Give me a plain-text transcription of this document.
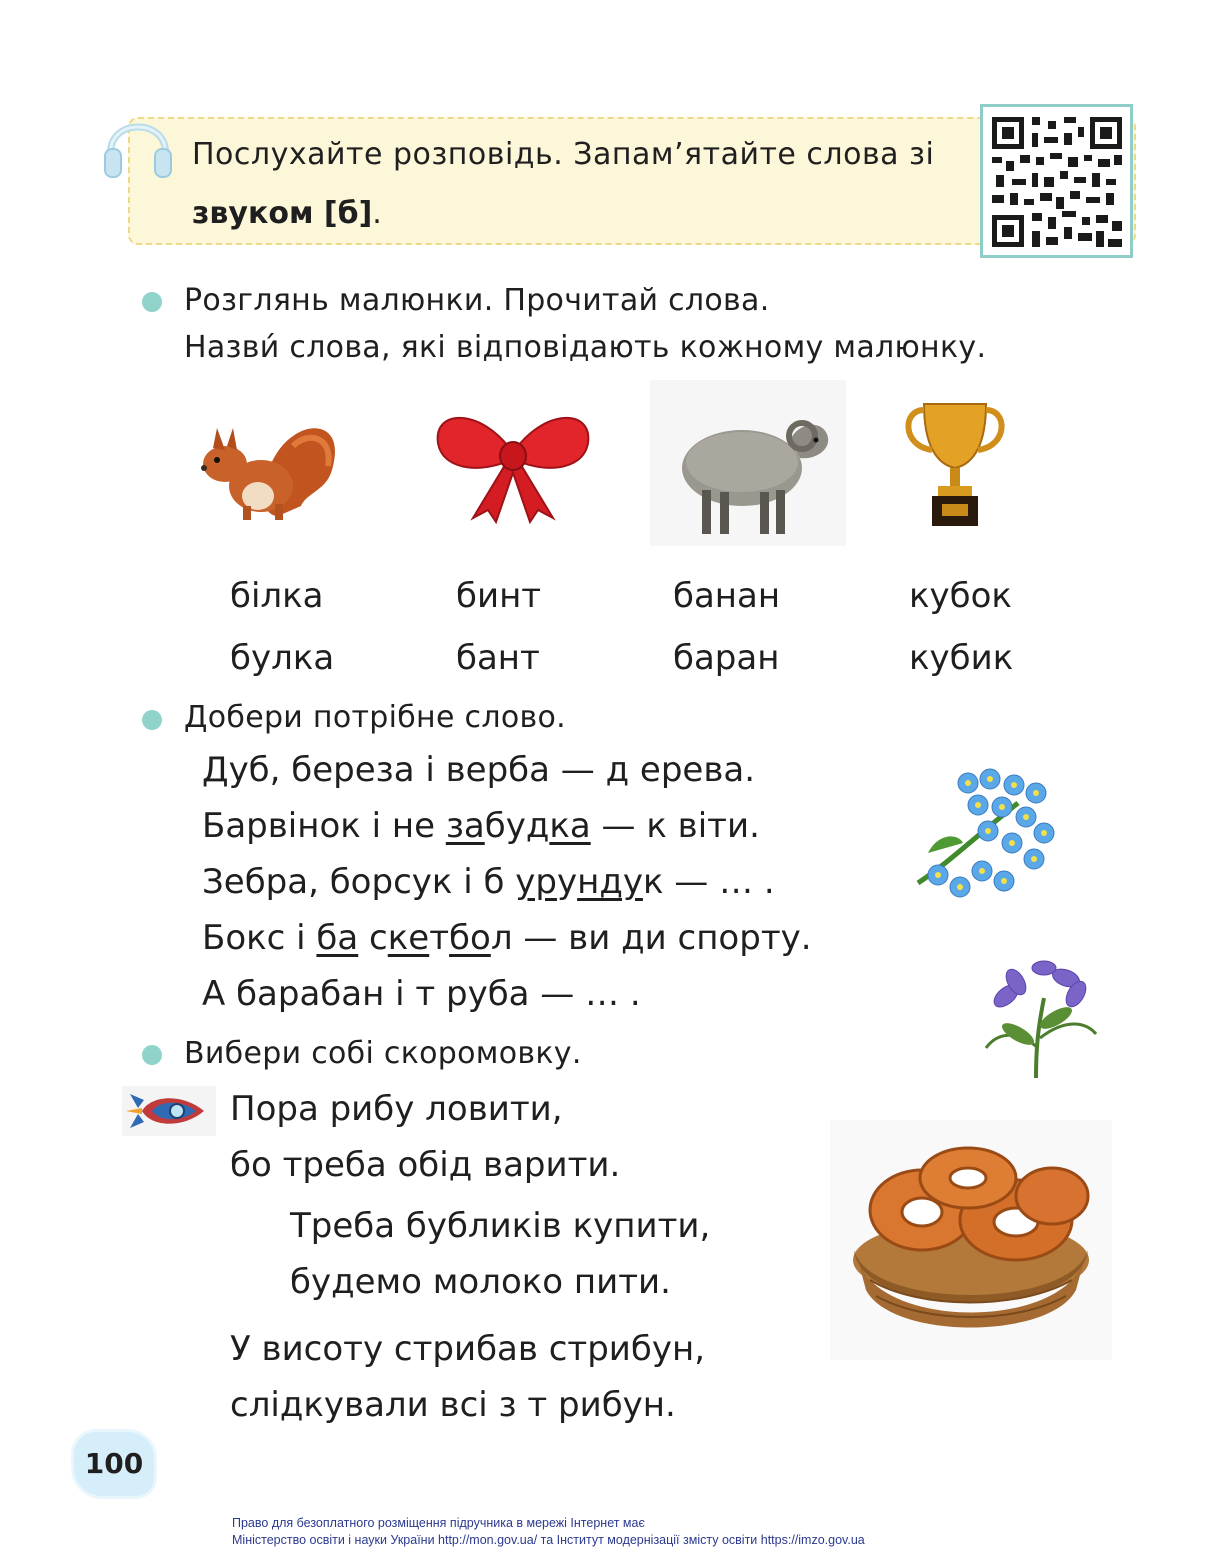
Послухайте розповідь. Запам’ятайте слова зі
звуком [б].
Розглянь малюнки. Прочитай слова.
Назви́ слова, які відповідають кожному малюнку.
білка	бинт	банан	кубок
булка	бант	баран	кубик
Добери потрібне слово.
Дуб, береза і верба — д ерева.
Барвінок і не забудка — к віти.
Зебра, борсук і б урундук — … .
Бокс і ба скетбол — ви ди спорту.
А барабан і т руба — … .
Вибери собі скоромовку.
Пора рибу ловити,
бо треба обід варити.
Треба бубликів купити,
будемо молоко пити.
У висоту стрибав стрибун,
слідкували всі з т рибун.
100
Право для безоплатного розміщення підручника в мережі Інтернет має
Міністерство освіти і науки України http://mon.gov.ua/ та Інститут модернізації змісту освіти https://imzo.gov.ua
